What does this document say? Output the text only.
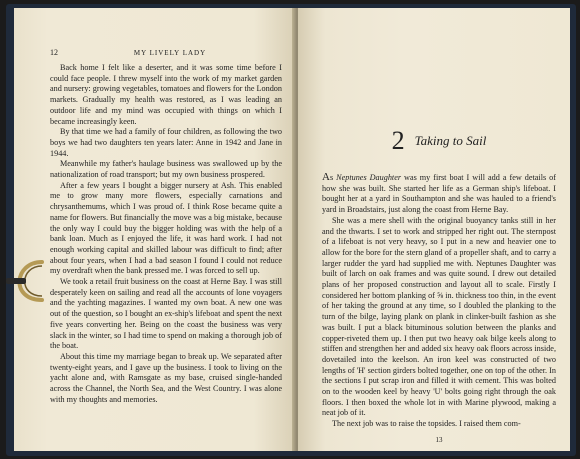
12	MY LIVELY LADY

Back home I felt like a deserter, and it was some time before I could face people. I threw myself into the work of my market garden and nursery: growing vegetables, tomatoes and flowers for the London markets. Gradually my health was restored, as I was leading an outdoor life and my mind was occupied with things on which I became increasingly keen.

By that time we had a family of four children, as following the two boys we had two daughters ten years later: Anne in 1942 and Jane in 1944.

Meanwhile my father's haulage business was swallowed up by the nationalization of road transport; but my own business prospered.

After a few years I bought a bigger nursery at Ash. This enabled me to grow many more flowers, especially carnations and chrysanthemums, which I was proud of. I think Rose became quite a name for flowers. But financially the move was a big mistake, because the only way I could buy the bigger holding was with the help of a bank loan. Much as I enjoyed the life, it was hard work. I had not enough working capital and skilled labour was difficult to find; after about four years, when I had a bad season I found I could not reduce my overdraft when the bank pressed me. I was forced to sell up.

We took a retail fruit business on the coast at Herne Bay. I was still desperately keen on sailing and read all the accounts of lone voyagers and the yachting magazines. I wanted my own boat. A new one was out of the question, so I bought an ex-ship's lifeboat and spent the next five years converting her. Being on the coast the business was very slack in the winter, so I had time to spend on making a thorough job of the boat.

About this time my marriage began to break up. We separated after twenty-eight years, and I gave up the business. I took to living on the yacht alone and, with Ramsgate as my base, cruised single-handed across the Channel, the North Sea, and the West Country. I was alone with my thoughts and memories.

2 Taking to Sail

As Neptunes Daughter was my first boat I will add a few details of how she was built. She started her life as a German ship's lifeboat. I bought her at a yard in Southampton and she was hauled to a friend's yard in Broadstairs, just along the coast from Herne Bay.

She was a mere shell with the original buoyancy tanks still in her and the thwarts. I set to work and stripped her right out. The sternpost of a lifeboat is not very heavy, so I put in a new and heavier one to allow for the bore for the stern gland of a propeller shaft, and to carry a larger rudder the yard had supplied me with. Neptunes Daughter was built of larch on oak frames and was quite sound. I drew out detailed plans of her proposed construction and layout all to scale. Firstly I considered her bottom planking of ⅝ in. thickness too thin, in the event of her taking the ground at any time, so I doubled the planking to the turn of the bilge, laying plank on plank in clinker-built fashion as she was built. I put a black bituminous solution between the planks and copper-riveted them up. I then put two heavy oak bilge keels along to stiffen and strengthen her and added six heavy oak floors across inside, dovetailed into the keelson. An iron keel was constructed of two lengths of 'H' section girders bolted together, one on top of the other. In the sections I put scrap iron and filled it with cement. This was bolted on to the wooden keel by heavy 'U' bolts going right through the oak floors. I then boxed the whole lot in with Marine plywood, making a neat job of it.

The next job was to raise the topsides. I raised them com-

13
